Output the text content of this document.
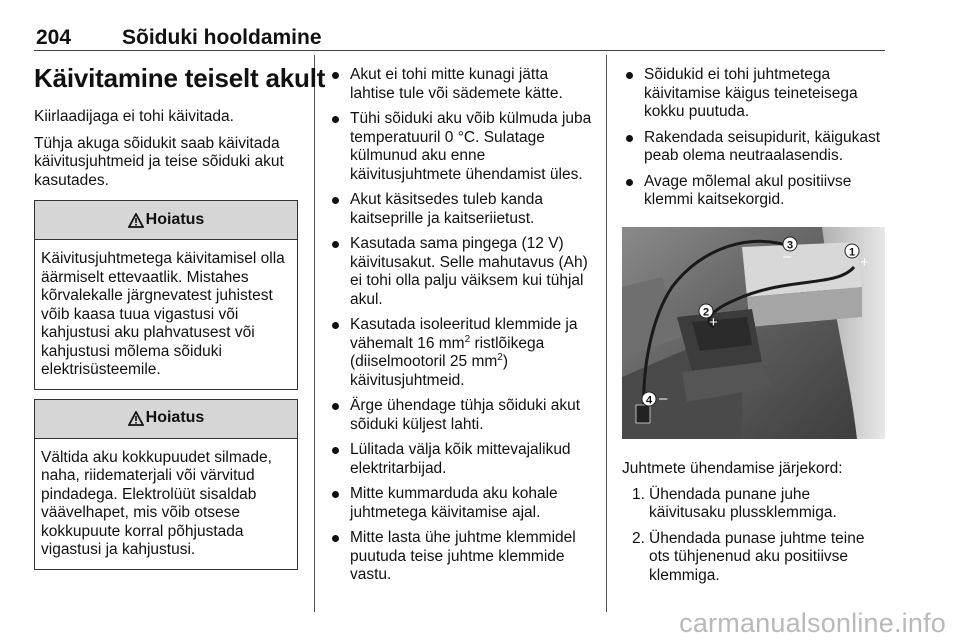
204 Sõiduki hooldamine
Käivitamine teiselt akult

Kiirlaadijaga ei tohi käivitada.

Tühja akuga sõidukit saab käivitada käivitusjuhtmeid ja teise sõiduki akut kasutades.

Hoiatus
Käivitusjuhtmetega käivitamisel olla äärmiselt ettevaatlik. Mistahes kõrvalekalle järgnevatest juhistest võib kaasa tuua vigastusi või kahjustusi aku plahvatusest või kahjustusi mõlema sõiduki elektrisüsteemile.
Hoiatus
Vältida aku kokkupuudet silmade, naha, riidematerjali või värvitud pindadega. Elektrolüüt sisaldab väävelhapet, mis võib otsese kokkupuute korral põhjustada vigastusi ja kahjustusi.
Akut ei tohi mitte kunagi jätta lahtise tule või sädemete kätte.
Tühi sõiduki aku võib külmuda juba temperatuuril 0 °C. Sulatage külmunud aku enne käivitusjuhtmete ühendamist üles.
Akut käsitsedes tuleb kanda kaitseprille ja kaitseriietust.
Kasutada sama pingega (12 V) käivitusakut. Selle mahutavus (Ah) ei tohi olla palju väiksem kui tühjal akul.
Kasutada isoleeritud klemmide ja vähemalt 16 $mm^2$ ristlõikega (diiselmootoril 25 $mm^2$) käivitusjuhtmeid.
Ärge ühendage tühja sõiduki akut sõiduki küljest lahti.
Lülitada välja kõik mittevajalikud elektritarbijad.
Mitte kummarduda aku kohale juhtmetega käivitamise ajal.
Mitte lasta ühe juhtme klemmidel puutuda teise juhtme klemmide vastu.
Sõidukid ei tohi juhtmetega käivitamise käigus teineteisega kokku puutuda.
Rakendada seisupidurit, käigukast peab olema neutraalasendis.
Avage mõlemal akul positiivse klemmi kaitsekorgid.
1
+
2
+
3
–
4 –

Juhtmete ühendamise järjekord:

1. Ühendada punane juhe käivitusaku plussklemmiga.
2. Ühendada punase juhtme teine ots tühjenenud aku positiivse klemmiga.
carmanualsonline.info
